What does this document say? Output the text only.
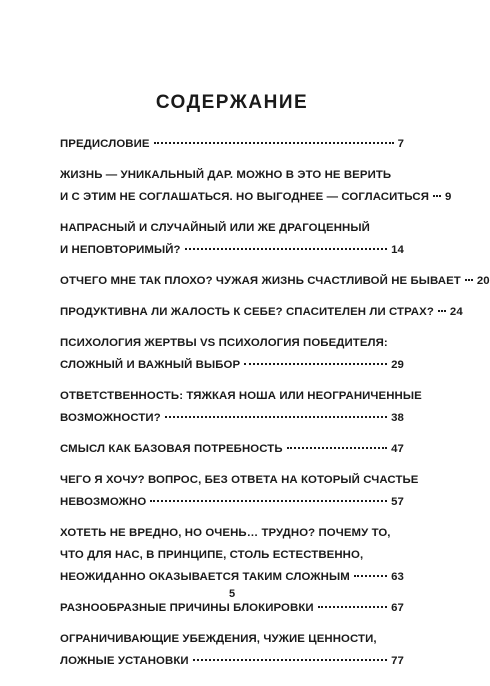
СОДЕРЖАНИЕ
ПРЕДИСЛОВИЕ	7
ЖИЗНЬ — УНИКАЛЬНЫЙ ДАР. МОЖНО В ЭТО НЕ ВЕРИТЬ
И С ЭТИМ НЕ СОГЛАШАТЬСЯ. НО ВЫГОДНЕЕ — СОГЛАСИТЬСЯ 9
НАПРАСНЫЙ И СЛУЧАЙНЫЙ ИЛИ ЖЕ ДРАГОЦЕННЫЙ
И НЕПОВТОРИМЫЙ?	14
ОТЧЕГО МНЕ ТАК ПЛОХО? ЧУЖАЯ ЖИЗНЬ СЧАСТЛИВОЙ НЕ БЫВАЕТ 20
ПРОДУКТИВНА ЛИ ЖАЛОСТЬ К СЕБЕ? СПАСИТЕЛЕН ЛИ СТРАХ? 24
ПСИХОЛОГИЯ ЖЕРТВЫ VS ПСИХОЛОГИЯ ПОБЕДИТЕЛЯ:
СЛОЖНЫЙ И ВАЖНЫЙ ВЫБОР	29
ОТВЕТСТВЕННОСТЬ: ТЯЖКАЯ НОША ИЛИ НЕОГРАНИЧЕННЫЕ
ВОЗМОЖНОСТИ?	38
СМЫСЛ КАК БАЗОВАЯ ПОТРЕБНОСТЬ	47
ЧЕГО Я ХОЧУ? ВОПРОС, БЕЗ ОТВЕТА НА КОТОРЫЙ СЧАСТЬЕ
НЕВОЗМОЖНО	57
ХОТЕТЬ НЕ ВРЕДНО, НО ОЧЕНЬ… ТРУДНО? ПОЧЕМУ ТО,
ЧТО ДЛЯ НАС, В ПРИНЦИПЕ, СТОЛЬ ЕСТЕСТВЕННО,
НЕОЖИДАННО ОКАЗЫВАЕТСЯ ТАКИМ СЛОЖНЫМ	63
РАЗНООБРАЗНЫЕ ПРИЧИНЫ БЛОКИРОВКИ	67
ОГРАНИЧИВАЮЩИЕ УБЕЖДЕНИЯ, ЧУЖИЕ ЦЕННОСТИ,
ЛОЖНЫЕ УСТАНОВКИ	77
5
